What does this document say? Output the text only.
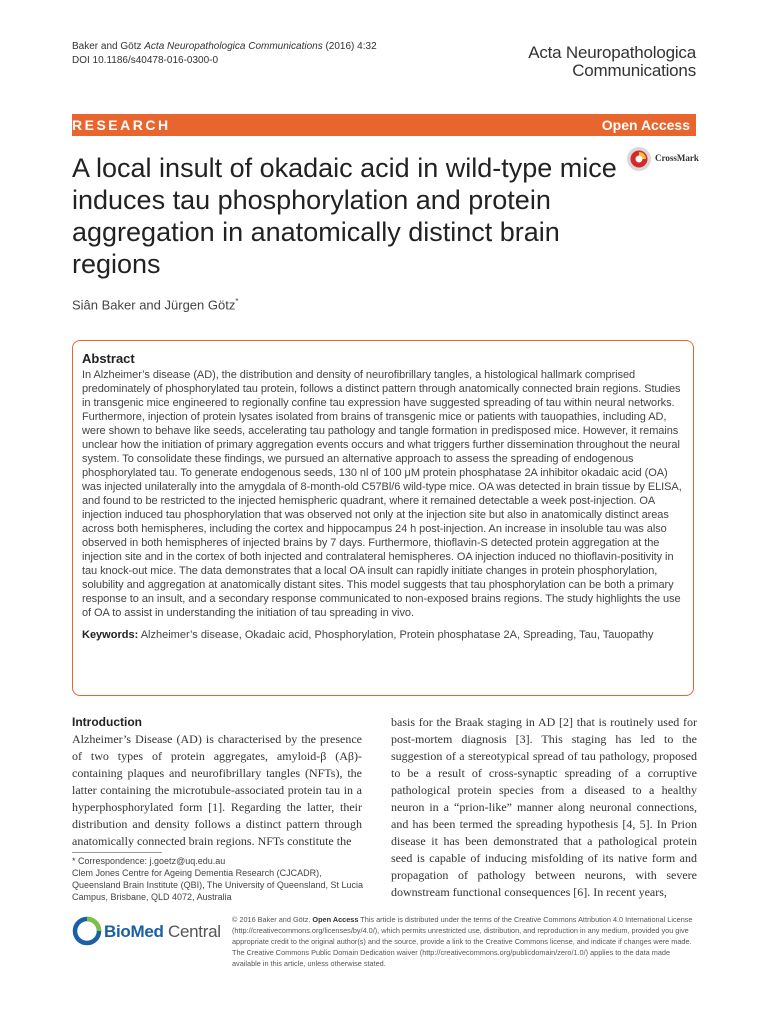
Baker and Götz Acta Neuropathologica Communications (2016) 4:32
DOI 10.1186/s40478-016-0300-0	Acta Neuropathologica
Communications
RESEARCH	Open Access
A local insult of okadaic acid in wild-type mice induces tau phosphorylation and protein aggregation in anatomically distinct brain regions
CrossMark
Siân Baker and Jürgen Götz*
Abstract

In Alzheimer’s disease (AD), the distribution and density of neurofibrillary tangles, a histological hallmark comprised predominately of phosphorylated tau protein, follows a distinct pattern through anatomically connected brain regions. Studies in transgenic mice engineered to regionally confine tau expression have suggested spreading of tau within neural networks. Furthermore, injection of protein lysates isolated from brains of transgenic mice or patients with tauopathies, including AD, were shown to behave like seeds, accelerating tau pathology and tangle formation in predisposed mice. However, it remains unclear how the initiation of primary aggregation events occurs and what triggers further dissemination throughout the neural system. To consolidate these findings, we pursued an alternative approach to assess the spreading of endogenous phosphorylated tau. To generate endogenous seeds, 130 nl of 100 μM protein phosphatase 2A inhibitor okadaic acid (OA) was injected unilaterally into the amygdala of 8-month-old C57Bl/6 wild-type mice. OA was detected in brain tissue by ELISA, and found to be restricted to the injected hemispheric quadrant, where it remained detectable a week post-injection. OA injection induced tau phosphorylation that was observed not only at the injection site but also in anatomically distinct areas across both hemispheres, including the cortex and hippocampus 24 h post-injection. An increase in insoluble tau was also observed in both hemispheres of injected brains by 7 days. Furthermore, thioflavin-S detected protein aggregation at the injection site and in the cortex of both injected and contralateral hemispheres. OA injection induced no thioflavin-positivity in tau knock-out mice. The data demonstrates that a local OA insult can rapidly initiate changes in protein phosphorylation, solubility and aggregation at anatomically distant sites. This model suggests that tau phosphorylation can be both a primary response to an insult, and a secondary response communicated to non-exposed brains regions. The study highlights the use of OA to assist in understanding the initiation of tau spreading in vivo.

Keywords: Alzheimer’s disease, Okadaic acid, Phosphorylation, Protein phosphatase 2A, Spreading, Tau, Tauopathy

Introduction

Alzheimer’s Disease (AD) is characterised by the presence of two types of protein aggregates, amyloid-β (Aβ)-containing plaques and neurofibrillary tangles (NFTs), the latter containing the microtubule-associated protein tau in a hyperphosphorylated form [1]. Regarding the latter, their distribution and density follows a distinct pattern through anatomically connected brain regions. NFTs constitute the

basis for the Braak staging in AD [2] that is routinely used for post-mortem diagnosis [3]. This staging has led to the suggestion of a stereotypical spread of tau pathology, proposed to be a result of cross-synaptic spreading of a corruptive pathological protein species from a diseased to a healthy neuron in a “prion-like” manner along neuronal connections, and has been termed the spreading hypothesis [4, 5]. In Prion disease it has been demonstrated that a pathological protein seed is capable of inducing misfolding of its native form and propagation of pathology between neurons, with severe downstream functional consequences [6]. In recent years,

* Correspondence: j.goetz@uq.edu.au
Clem Jones Centre for Ageing Dementia Research (CJCADR), Queensland Brain Institute (QBI), The University of Queensland, St Lucia Campus, Brisbane, QLD 4072, Australia
BioMed Central
© 2016 Baker and Götz. Open Access This article is distributed under the terms of the Creative Commons Attribution 4.0 International License (http://creativecommons.org/licenses/by/4.0/), which permits unrestricted use, distribution, and reproduction in any medium, provided you give appropriate credit to the original author(s) and the source, provide a link to the Creative Commons license, and indicate if changes were made. The Creative Commons Public Domain Dedication waiver (http://creativecommons.org/publicdomain/zero/1.0/) applies to the data made available in this article, unless otherwise stated.
